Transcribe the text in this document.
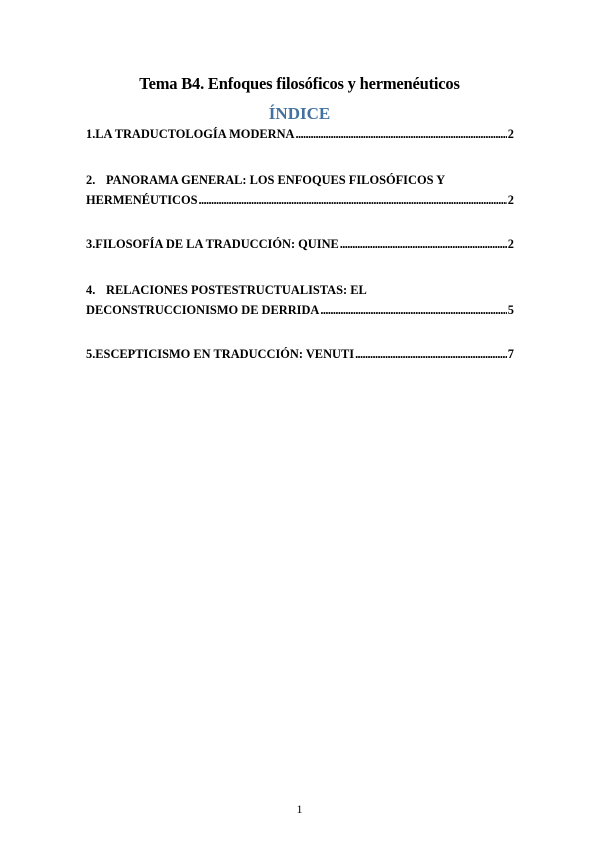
Tema B4. Enfoques filosóficos y hermenéuticos
ÍNDICE
1. LA TRADUCTOLOGÍA MODERNA .....	2
2. PANORAMA GENERAL: LOS ENFOQUES FILOSÓFICOS Y
HERMENÉUTICOS .....	2
3. FILOSOFÍA DE LA TRADUCCIÓN: QUINE .....	2
4. RELACIONES POSTESTRUCTUALISTAS: EL
DECONSTRUCCIONISMO DE DERRIDA .....	5
5. ESCEPTICISMO EN TRADUCCIÓN: VENUTI .....	7
1
